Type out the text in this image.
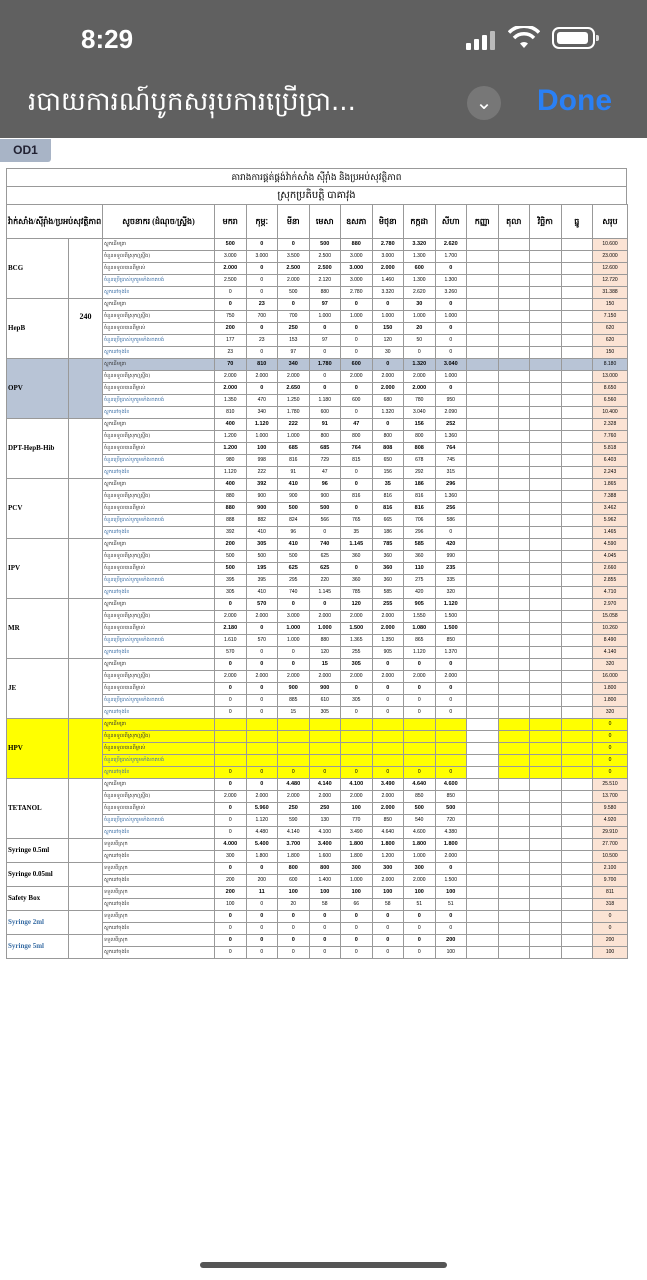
8:29
របាយការណ៍បូកសរុបការប្រើប្រា...	⌄ Done
OD1
គារាងការផ្គត់ផ្គង់វ៉ាក់សាំង ស៊ីរ៉ាំង និងប្រអប់សុវត្ថិភាព
ស្រុកប្រតិបត្តិ បាគាវុង
វ៉ាក់សាំង/ស៊ីរ៉ាំង/ប្រអប់សុវត្ថិភាព		សូចនាករ (ដំណុច/ស្រ្ទីង)	មករា	កុម្ភៈ	មីនា	មេសា	ឧសភា	មិថុនា	កក្កដា	សីហា	កញ្ញា	តុលា	វិច្ឆិកា	ធ្នូ	សរុប
BCG		ស្តុកដើមគ្រា	500	0	0	500	880	2.780	3.320	2.620					10.600
		ចំនួនទទួលពីស្រុក(ស្រ្ទីង)	3.000	3.000	3.500	2.500	3.000	3.000	1.300	1.700					23.000
		ចំនួនទទួលបានពីម្ចាស់	2.000	0	2.500	2.500	3.000	2.000	600	0					12.600
		ចំនួនប្រើប្រាស់បូករួមទាំងខាតបង់	2.500	0	2.000	2.120	3.000	1.460	1.300	1.300					12.720
		ស្តុកនៅចុងខែ	0	0	500	880	2.780	3.320	2.620	3.260					31.388
HepB	240	ស្តុកដើមគ្រា	0	23	0	97	0	0	30	0					150
		ចំនួនទទួលពីស្រុក(ស្រ្ទីង)	750	700	700	1.000	1.000	1.000	1.000	1.000					7.150
		ចំនួនទទួលបានពីម្ចាស់	200	0	250	0	0	150	20	0					620
		ចំនួនប្រើប្រាស់បូករួមទាំងខាតបង់	177	23	153	97	0	120	50	0					620
		ស្តុកនៅចុងខែ	23	0	97	0	0	30	0	0					150
OPV		ស្តុកដើមគ្រា	70	810	340	1.780	600	0	1.320	3.040					8.180
		ចំនួនទទួលពីស្រុក(ស្រ្ទីង)	2.000	2.000	2.000	0	2.000	2.000	2.000	1.000					13.000
		ចំនួនទទួលបានពីម្ចាស់	2.000	0	2.650	0	0	2.000	2.000	0					8.650
		ចំនួនប្រើប្រាស់បូករួមទាំងខាតបង់	1.350	470	1.250	1.180	600	680	780	950					6.560
		ស្តុកនៅចុងខែ	810	340	1.780	600	0	1.320	3.040	2.090					10.400
DPT-HepB-Hib		ស្តុកដើមគ្រា	400	1.120	222	91	47	0	156	252					2.328
		ចំនួនទទួលពីស្រុក(ស្រ្ទីង)	1.200	1.000	1.000	800	800	800	800	1.360					7.760
		ចំនួនទទួលបានពីម្ចាស់	1.200	100	685	685	764	808	808	764					5.818
		ចំនួនប្រើប្រាស់បូករួមទាំងខាតបង់	980	998	816	729	815	650	678	745					6.403
		ស្តុកនៅចុងខែ	1.120	222	91	47	0	156	292	315					2.243
PCV		ស្តុកដើមគ្រា	400	392	410	96	0	35	186	296					1.865
		ចំនួនទទួលពីស្រុក(ស្រ្ទីង)	880	900	900	900	816	816	816	1.360					7.388
		ចំនួនទទួលបានពីម្ចាស់	880	900	500	500	0	816	816	256					3.462
		ចំនួនប្រើប្រាស់បូករួមទាំងខាតបង់	888	882	824	566	765	665	706	586					5.962
		ស្តុកនៅចុងខែ	392	410	96	0	35	186	296	0					1.465
IPV		ស្តុកដើមគ្រា	200	305	410	740	1.145	785	585	420					4.590
		ចំនួនទទួលពីស្រុក(ស្រ្ទីង)	500	500	500	625	360	360	360	990					4.045
		ចំនួនទទួលបានពីម្ចាស់	500	195	625	625	0	360	110	235					2.660
		ចំនួនប្រើប្រាស់បូករួមទាំងខាតបង់	395	395	295	220	360	360	275	335					2.855
		ស្តុកនៅចុងខែ	305	410	740	1.145	785	585	420	320					4.710
MR		ស្តុកដើមគ្រា	0	570	0	0	120	255	905	1.120					2.970
		ចំនួនទទួលពីស្រុក(ស្រ្ទីង)	2.000	2.000	3.000	2.000	2.000	2.000	1.550	1.500					15.058
		ចំនួនទទួលបានពីម្ចាស់	2.180	0	1.000	1.000	1.500	2.000	1.080	1.500					10.260
		ចំនួនប្រើប្រាស់បូករួមទាំងខាតបង់	1.610	570	1.000	880	1.365	1.350	865	850					8.490
		ស្តុកនៅចុងខែ	570	0	0	120	255	905	1.120	1.370					4.140
JE		ស្តុកដើមគ្រា	0	0	0	15	305	0	0	0					320
		ចំនួនទទួលពីស្រុក(ស្រ្ទីង)	2.000	2.000	2.000	2.000	2.000	2.000	2.000	2.000					16.000
		ចំនួនទទួលបានពីម្ចាស់	0	0	900	900	0	0	0	0					1.800
		ចំនួនប្រើប្រាស់បូករួមទាំងខាតបង់	0	0	885	610	305	0	0	0					1.800
		ស្តុកនៅចុងខែ	0	0	15	305	0	0	0	0					320
HPV		ស្តុកដើមគ្រា													0
		ចំនួនទទួលពីស្រុក(ស្រ្ទីង)													0
		ចំនួនទទួលបានពីម្ចាស់													0
		ចំនួនប្រើប្រាស់បូករួមទាំងខាតបង់													0
		ស្តុកនៅចុងខែ	0	0	0	0	0	0	0	0					0
TETANOL		ស្តុកដើមគ្រា	0	0	4.480	4.140	4.100	3.490	4.640	4.600					25.510
		ចំនួនទទួលពីស្រុក(ស្រ្ទីង)	2.000	2.000	2.000	2.000	2.000	2.000	850	850					13.700
		ចំនួនទទួលបានពីម្ចាស់	0	5.960	250	250	100	2.000	500	500					9.580
		ចំនួនប្រើប្រាស់បូករួមទាំងខាតបង់	0	1.120	590	130	770	850	540	720					4.920
		ស្តុកនៅចុងខែ	0	4.480	4.140	4.100	3.490	4.640	4.600	4.380					29.910
Syringe 0.5ml		ទទួលពីស្រុក	4.000	5.400	3.700	3.400	1.800	1.800	1.800	1.800					27.700
		ស្តុកនៅចុងខែ	300	1.800	1.800	1.600	1.800	1.200	1.000	2.000					10.500
Syringe 0.05ml		ទទួលពីស្រុក	0	0	800	800	300	300	300	0					2.100
		ស្តុកនៅចុងខែ	200	200	600	1.400	1.000	2.000	2.000	1.500					9.700
Safety Box		ទទួលពីស្រុក	200	11	100	100	100	100	100	100					811
		ស្តុកនៅចុងខែ	100	0	20	58	66	58	51	51					318
Syringe 2ml		ទទួលពីស្រុក	0	0	0	0	0	0	0	0					0
		ស្តុកនៅចុងខែ	0	0	0	0	0	0	0	0					0
Syringe 5ml		ទទួលពីស្រុក	0	0	0	0	0	0	0	200					200
		ស្តុកនៅចុងខែ	0	0	0	0	0	0	0	100					100
